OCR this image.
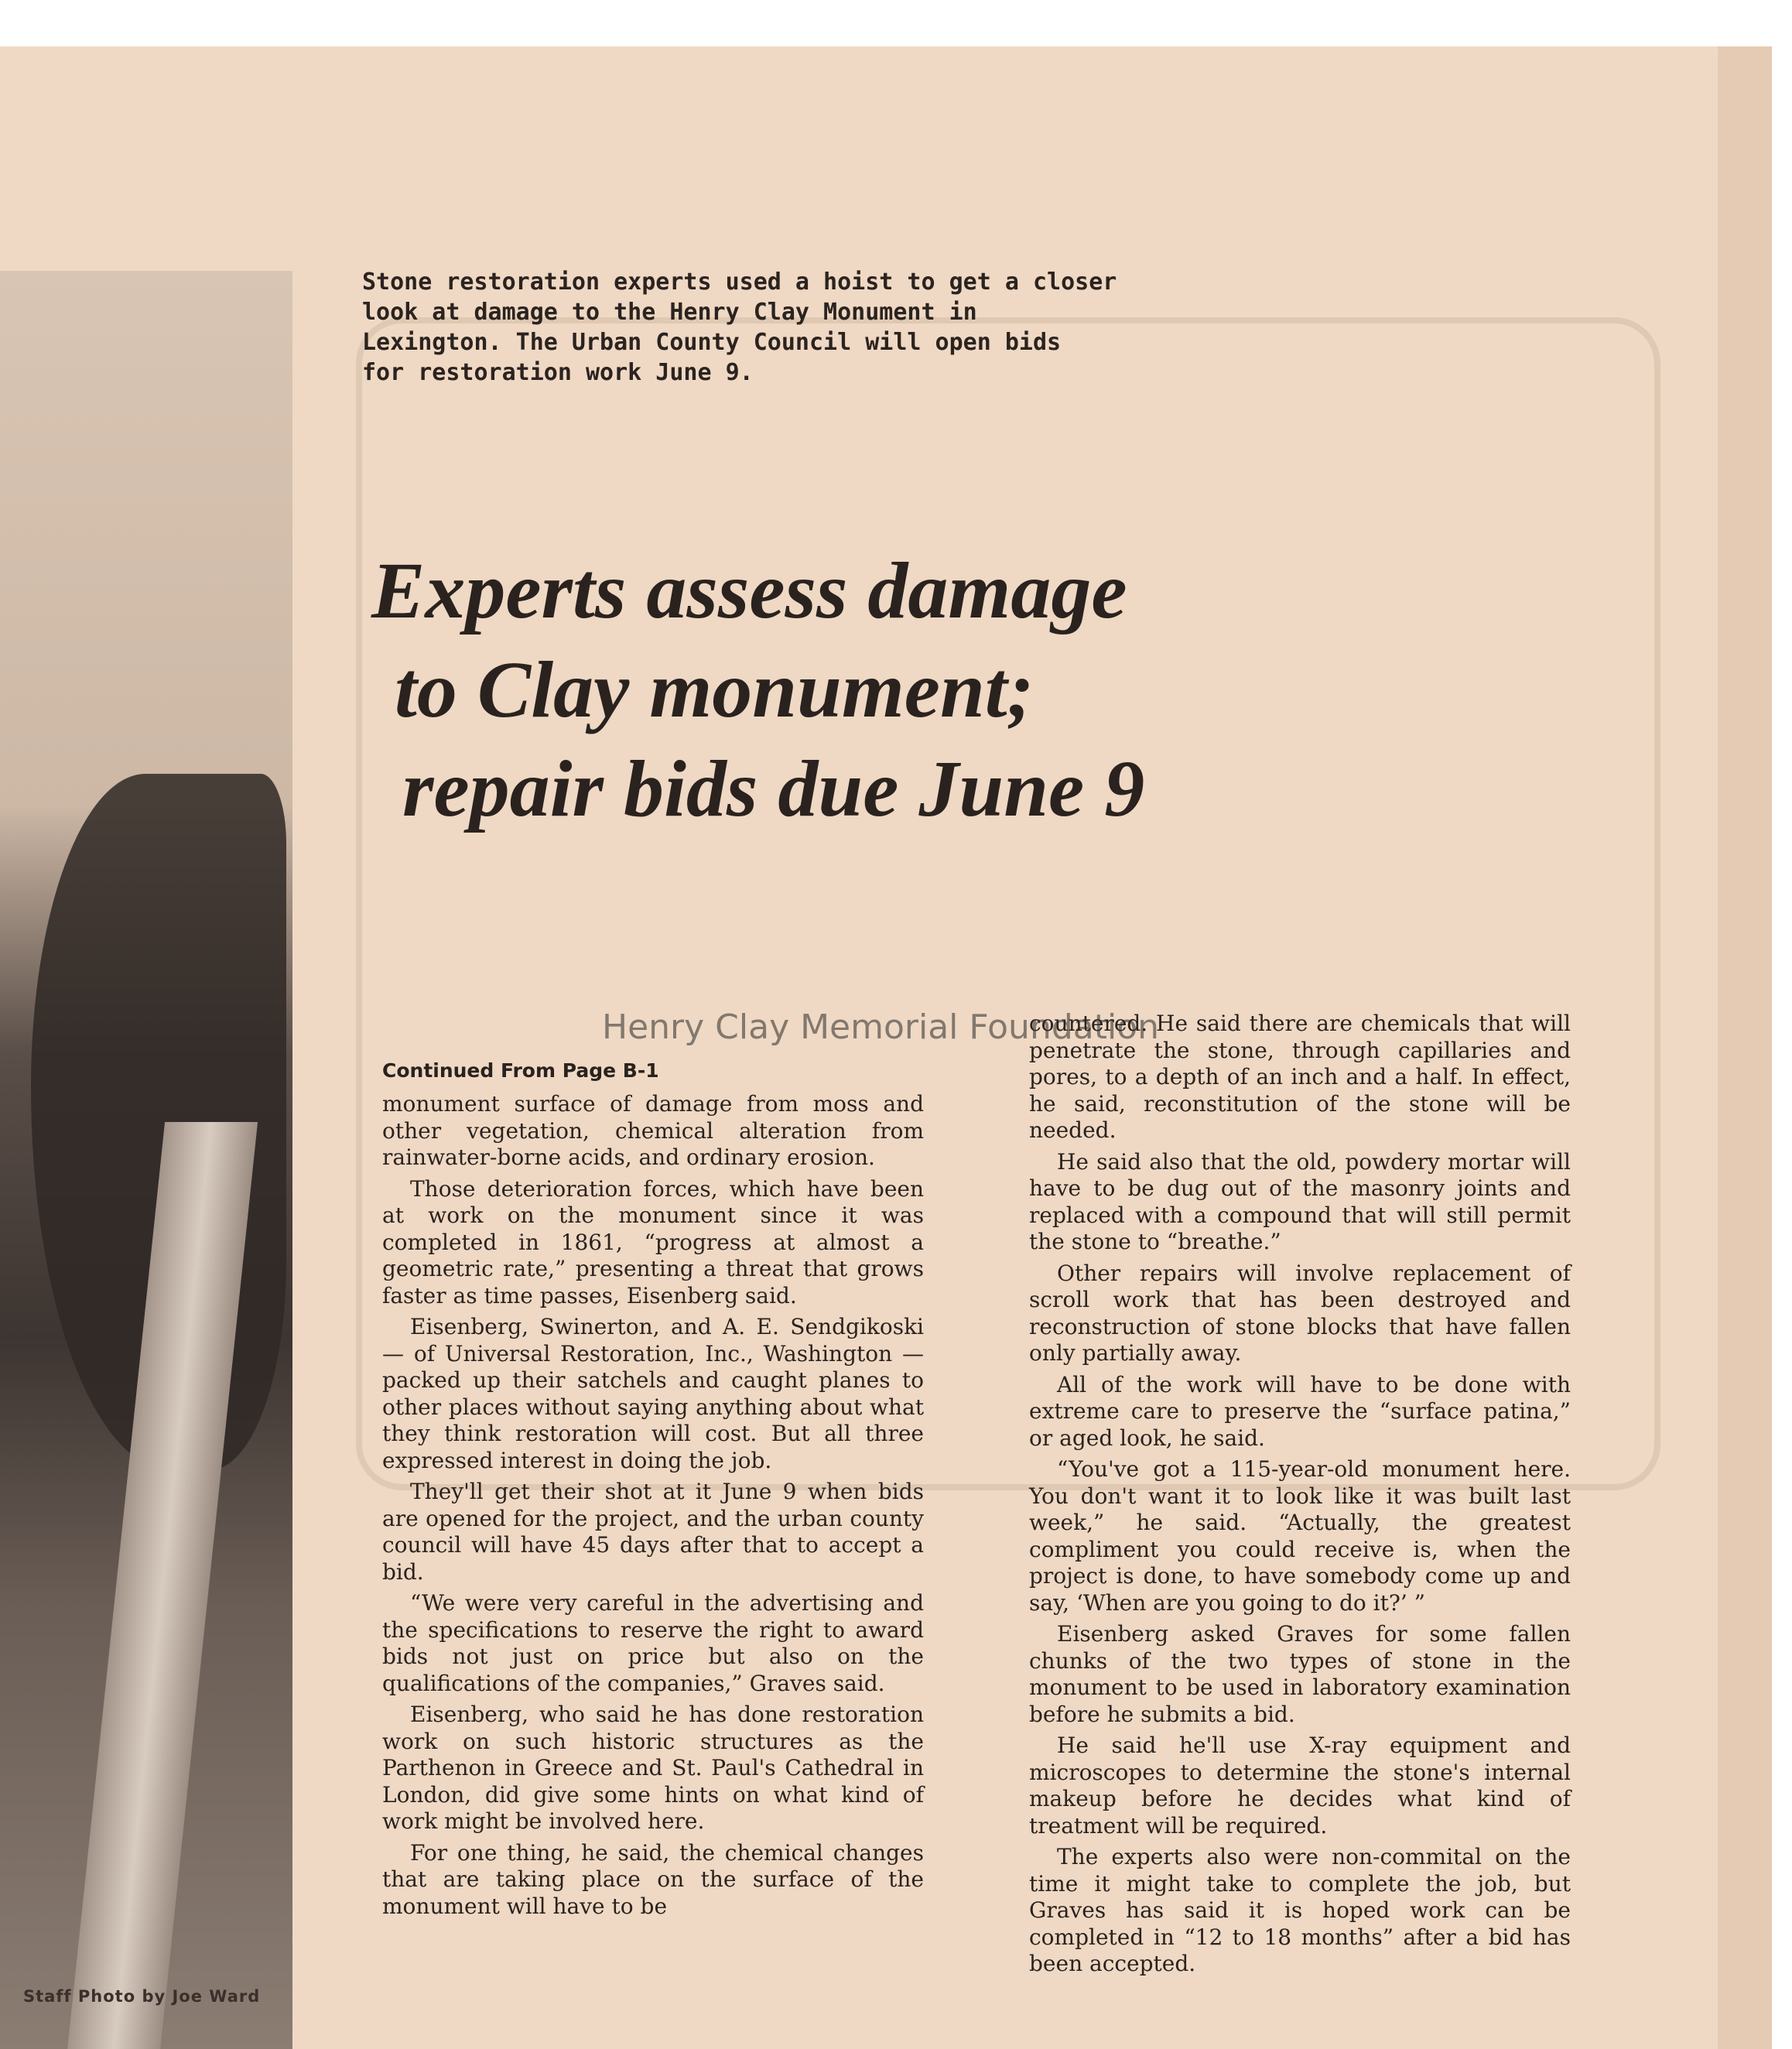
Staff Photo by Joe Ward
Stone restoration experts used a hoist to get a closer
look at damage to the Henry Clay Monument in
Lexington. The Urban County Council will open bids
for restoration work June 9.
Experts assess damage
to Clay monument;
repair bids due June 9
Continued From Page B-1

monument surface of damage from moss and other vegetation, chemical alteration from rainwater-borne acids, and ordinary erosion.

Those deterioration forces, which have been at work on the monument since it was completed in 1861, “progress at almost a geometric rate,” presenting a threat that grows faster as time passes, Eisenberg said.

Eisenberg, Swinerton, and A. E. Sendgikoski — of Universal Restoration, Inc., Washington — packed up their satchels and caught planes to other places without saying anything about what they think restoration will cost. But all three expressed interest in doing the job.

They'll get their shot at it June 9 when bids are opened for the project, and the urban county council will have 45 days after that to accept a bid.

“We were very careful in the advertising and the specifications to reserve the right to award bids not just on price but also on the qualifications of the companies,” Graves said.

Eisenberg, who said he has done restoration work on such historic structures as the Parthenon in Greece and St. Paul's Cathedral in London, did give some hints on what kind of work might be involved here.

For one thing, he said, the chemical changes that are taking place on the surface of the monument will have to be

countered. He said there are chemicals that will penetrate the stone, through capillaries and pores, to a depth of an inch and a half. In effect, he said, reconstitution of the stone will be needed.

He said also that the old, powdery mortar will have to be dug out of the masonry joints and replaced with a compound that will still permit the stone to “breathe.”

Other repairs will involve replacement of scroll work that has been destroyed and reconstruction of stone blocks that have fallen only partially away.

All of the work will have to be done with extreme care to preserve the “surface patina,” or aged look, he said.

“You've got a 115-year-old monument here. You don't want it to look like it was built last week,” he said. “Actually, the greatest compliment you could receive is, when the project is done, to have somebody come up and say, ‘When are you going to do it?’ ”

Eisenberg asked Graves for some fallen chunks of the two types of stone in the monument to be used in laboratory examination before he submits a bid.

He said he'll use X-ray equipment and microscopes to determine the stone's internal makeup before he decides what kind of treatment will be required.

The experts also were non-commital on the time it might take to complete the job, but Graves has said it is hoped work can be completed in “12 to 18 months” after a bid has been accepted.

Henry Clay Memorial Foundation
